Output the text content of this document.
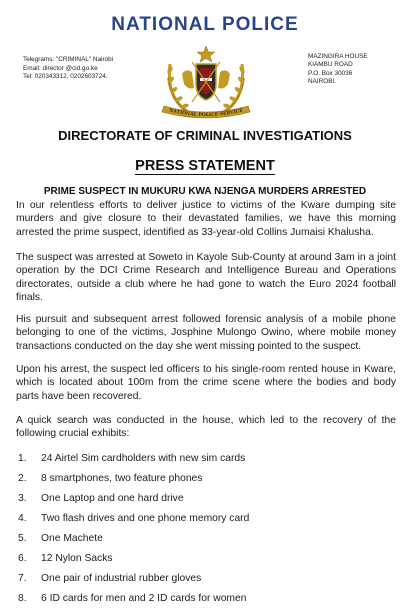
NATIONAL POLICE
Telegrams: "CRIMINAL" Nairobi
Email: director @cid.go.ke
Tel: 020343312, 0202603724.
MAZINGIRA HOUSE
KIAMBU ROAD
P.O. Box 30036
NAIROBI.
NATIONAL POLICE SERVICE
DIRECTORATE OF CRIMINAL INVESTIGATIONS
PRESS STATEMENT
PRIME SUSPECT IN MUKURU KWA NJENGA MURDERS ARRESTED

In our relentless efforts to deliver justice to victims of the Kware dumping site murders and give closure to their devastated families, we have this morning arrested the prime suspect, identified as 33-year-old Collins Jumaisi Khalusha.

The suspect was arrested at Soweto in Kayole Sub-County at around 3am in a joint operation by the DCI Crime Research and Intelligence Bureau and Operations directorates, outside a club where he had gone to watch the Euro 2024 football finals.

His pursuit and subsequent arrest followed forensic analysis of a mobile phone belonging to one of the victims, Josphine Mulongo Owino, where mobile money transactions conducted on the day she went missing pointed to the suspect.

Upon his arrest, the suspect led officers to his single-room rented house in Kware, which is located about 100m from the crime scene where the bodies and body parts have been recovered.

A quick search was conducted in the house, which led to the recovery of the following crucial exhibits:

1. 24 Airtel Sim cardholders with new sim cards
2. 8 smartphones, two feature phones
3. One Laptop and one hard drive
4. Two flash drives and one phone memory card
5. One Machete
6. 12 Nylon Sacks
7. One pair of industrial rubber gloves
8. 6 ID cards for men and 2 ID cards for women
